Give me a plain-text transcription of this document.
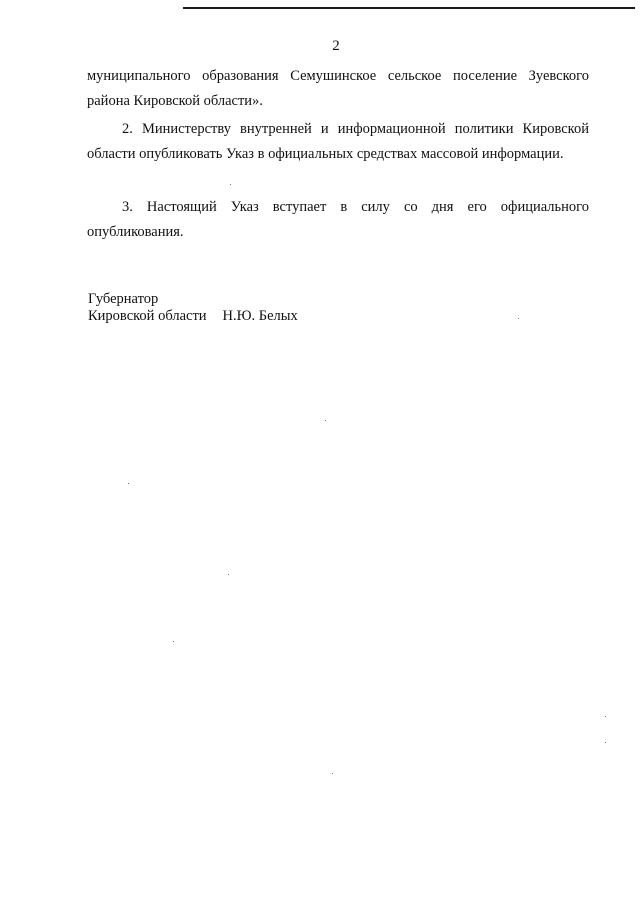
2

муниципального образования Семушинское сельское поселение Зуевского района Кировской области».

2. Министерству внутренней и информационной политики Кировской области опубликовать Указ в официальных средствах массовой информации.

3. Настоящий Указ вступает в силу со дня его официального опубликования.

Губернатор
Кировской области Н.Ю. Белых
